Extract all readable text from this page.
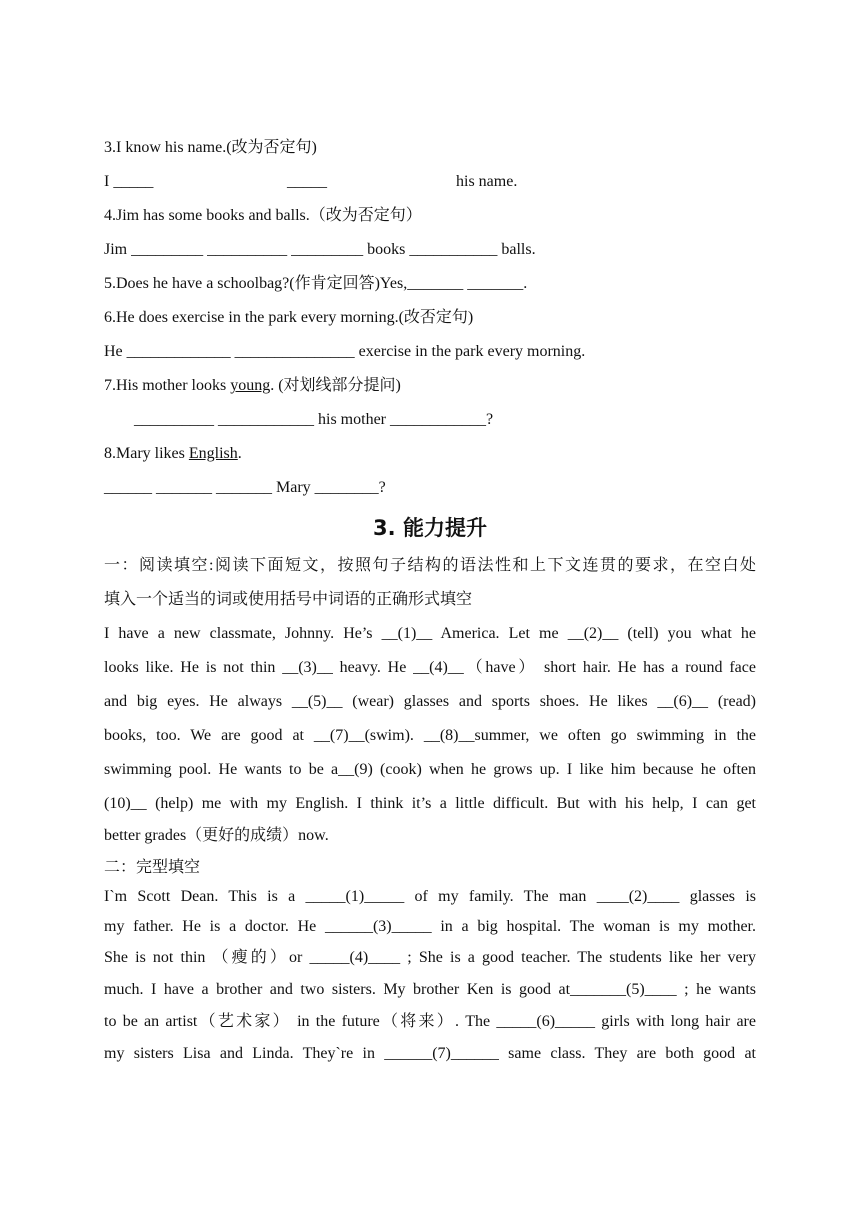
3.I know his name.(改为否定句)
I _____	_____	his name.
4.Jim has some books and balls.（改为否定句）
Jim _________ __________ _________ books ___________ balls.
5.Does he have a schoolbag?(作肯定回答)Yes,_______ _______.
6.He does exercise in the park every morning.(改否定句)
He _____________ _______________ exercise in the park every morning.
7.His mother looks young. (对划线部分提问)
__________ ____________ his mother ____________?
8.Mary likes English.
______ _______ _______ Mary ________?
3. 能力提升
一：阅读填空:阅读下面短文，按照句子结构的语法性和上下文连贯的要求，在空白处
填入一个适当的词或使用括号中词语的正确形式填空
I have a new classmate, Johnny. He’s __(1)__ America. Let me __(2)__ (tell) you what he
looks like. He is not thin __(3)__ heavy. He __(4)__（have） short hair. He has a round face
and big eyes. He always __(5)__ (wear) glasses and sports shoes. He likes __(6)__ (read)
books, too. We are good at __(7)__(swim). __(8)__summer, we often go swimming in the
swimming pool. He wants to be a__(9) (cook) when he grows up. I like him because he often
(10)__ (help) me with my English. I think it’s a little difficult. But with his help, I can get
better grades（更好的成绩）now.
二：完型填空
I`m Scott Dean. This is a _____(1)_____ of my family. The man ____(2)____ glasses is
my father. He is a doctor. He ______(3)_____ in a big hospital. The woman is my mother.
She is not thin （瘦的）or _____(4)____ ; She is a good teacher. The students like her very
much. I have a brother and two sisters. My brother Ken is good at_______(5)____ ; he wants
to be an artist（艺术家） in the future（将来）. The _____(6)_____ girls with long hair are
my sisters Lisa and Linda. They`re in ______(7)______ same class. They are both good at
